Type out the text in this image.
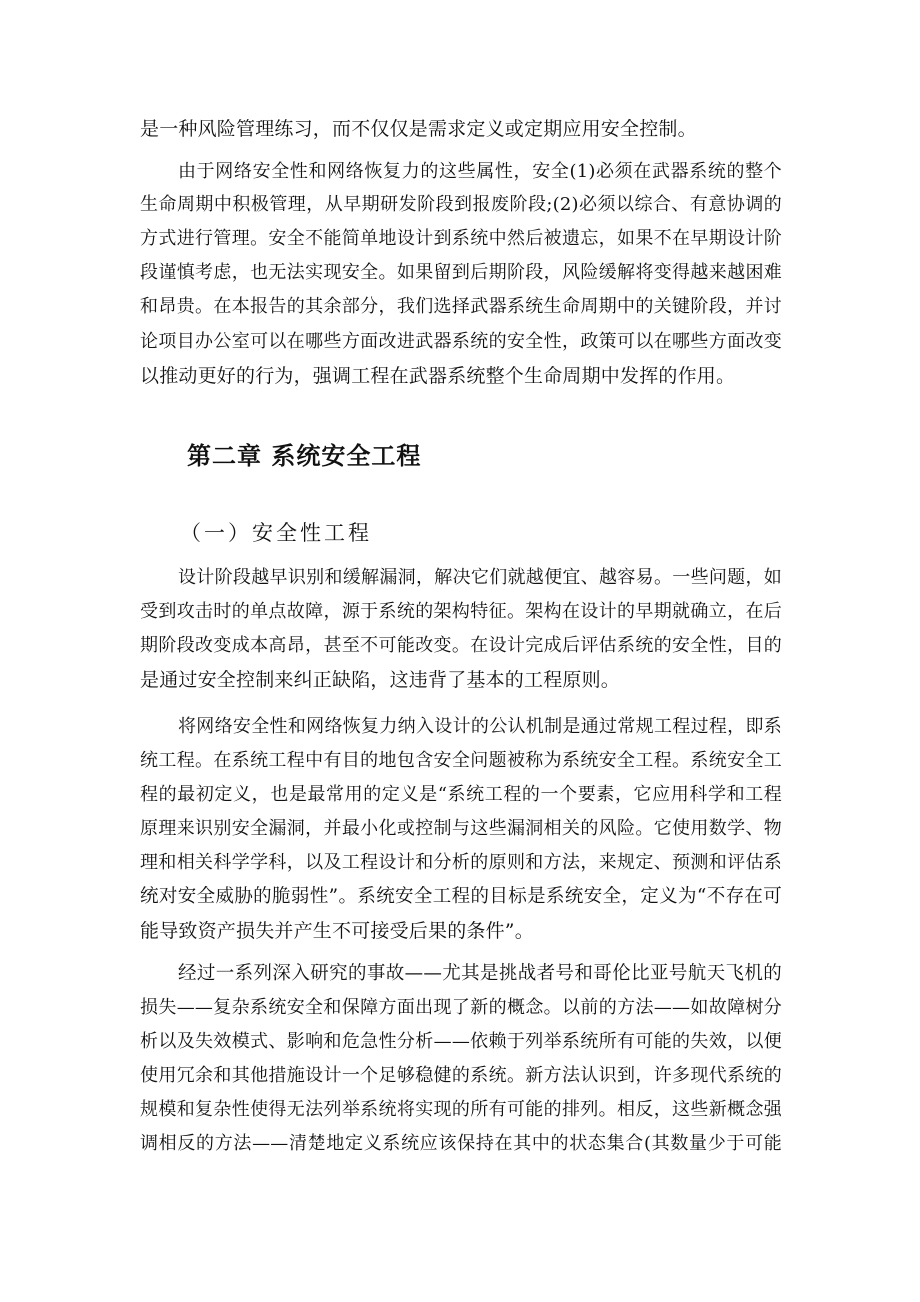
是一种风险管理练习，而不仅仅是需求定义或定期应用安全控制。
由于网络安全性和网络恢复力的这些属性，安全(1)必须在武器系统的整个
生命周期中积极管理，从早期研发阶段到报废阶段;(2)必须以综合、有意协调的
方式进行管理。安全不能简单地设计到系统中然后被遗忘，如果不在早期设计阶
段谨慎考虑，也无法实现安全。如果留到后期阶段，风险缓解将变得越来越困难
和昂贵。在本报告的其余部分，我们选择武器系统生命周期中的关键阶段，并讨
论项目办公室可以在哪些方面改进武器系统的安全性，政策可以在哪些方面改变
以推动更好的行为，强调工程在武器系统整个生命周期中发挥的作用。
第二章 系统安全工程
（一）安全性工程
设计阶段越早识别和缓解漏洞，解决它们就越便宜、越容易。一些问题，如
受到攻击时的单点故障，源于系统的架构特征。架构在设计的早期就确立，在后
期阶段改变成本高昂，甚至不可能改变。在设计完成后评估系统的安全性，目的
是通过安全控制来纠正缺陷，这违背了基本的工程原则。
将网络安全性和网络恢复力纳入设计的公认机制是通过常规工程过程，即系
统工程。在系统工程中有目的地包含安全问题被称为系统安全工程。系统安全工
程的最初定义，也是最常用的定义是“系统工程的一个要素，它应用科学和工程
原理来识别安全漏洞，并最小化或控制与这些漏洞相关的风险。它使用数学、物
理和相关科学学科，以及工程设计和分析的原则和方法，来规定、预测和评估系
统对安全威胁的脆弱性”。系统安全工程的目标是系统安全，定义为“不存在可
能导致资产损失并产生不可接受后果的条件”。
经过一系列深入研究的事故——尤其是挑战者号和哥伦比亚号航天飞机的
损失——复杂系统安全和保障方面出现了新的概念。以前的方法——如故障树分
析以及失效模式、影响和危急性分析——依赖于列举系统所有可能的失效，以便
使用冗余和其他措施设计一个足够稳健的系统。新方法认识到，许多现代系统的
规模和复杂性使得无法列举系统将实现的所有可能的排列。相反，这些新概念强
调相反的方法——清楚地定义系统应该保持在其中的状态集合(其数量少于可能
